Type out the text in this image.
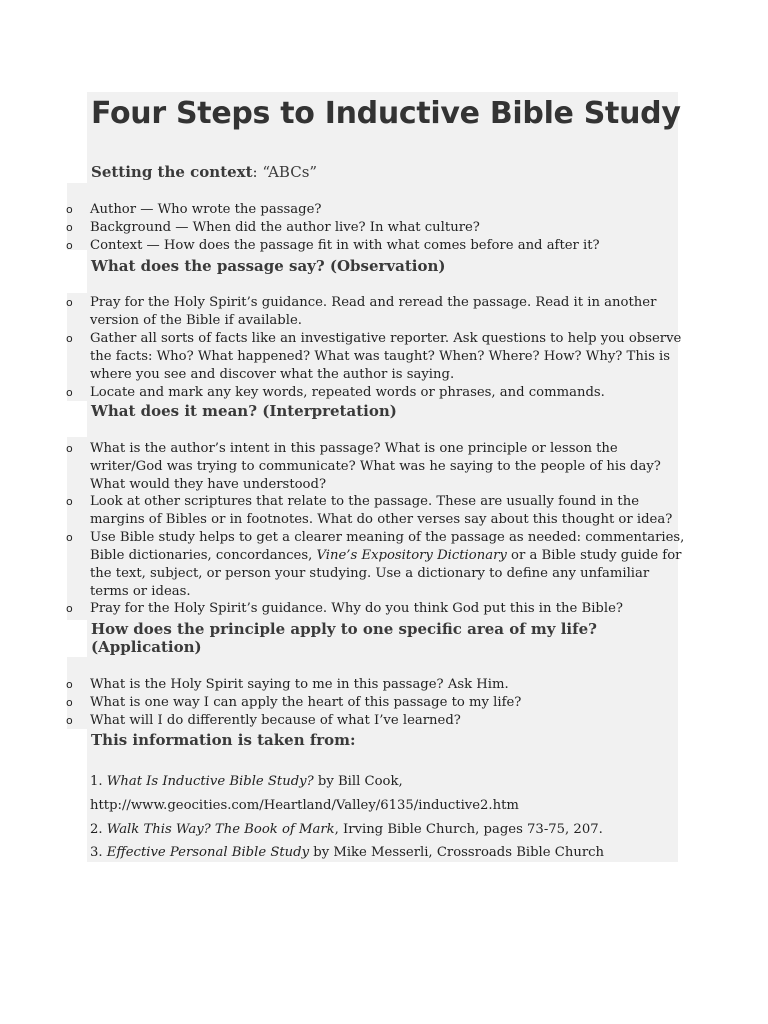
Four Steps to Inductive Bible Study
Setting the context: “ABCs”
o Author — Who wrote the passage?
o Background — When did the author live? In what culture?
o Context — How does the passage fit in with what comes before and after it?
What does the passage say? (Observation)
o Pray for the Holy Spirit’s guidance. Read and reread the passage. Read it in another
version of the Bible if available.
o Gather all sorts of facts like an investigative reporter. Ask questions to help you observe
the facts: Who? What happened? What was taught? When? Where? How? Why? This is
where you see and discover what the author is saying.
o Locate and mark any key words, repeated words or phrases, and commands.
What does it mean? (Interpretation)
o What is the author’s intent in this passage? What is one principle or lesson the
writer/God was trying to communicate? What was he saying to the people of his day?
What would they have understood?
o Look at other scriptures that relate to the passage. These are usually found in the
margins of Bibles or in footnotes. What do other verses say about this thought or idea?
o Use Bible study helps to get a clearer meaning of the passage as needed: commentaries,
Bible dictionaries, concordances, Vine’s Expository Dictionary or a Bible study guide for
the text, subject, or person your studying. Use a dictionary to define any unfamiliar
terms or ideas.
o Pray for the Holy Spirit’s guidance. Why do you think God put this in the Bible?
How does the principle apply to one specific area of my life?
(Application)
o What is the Holy Spirit saying to me in this passage? Ask Him.
o What is one way I can apply the heart of this passage to my life?
o What will I do differently because of what I’ve learned?
This information is taken from:
1. What Is Inductive Bible Study? by Bill Cook,
http://www.geocities.com/Heartland/Valley/6135/inductive2.htm
2. Walk This Way? The Book of Mark, Irving Bible Church, pages 73-75, 207.
3. Effective Personal Bible Study by Mike Messerli, Crossroads Bible Church
